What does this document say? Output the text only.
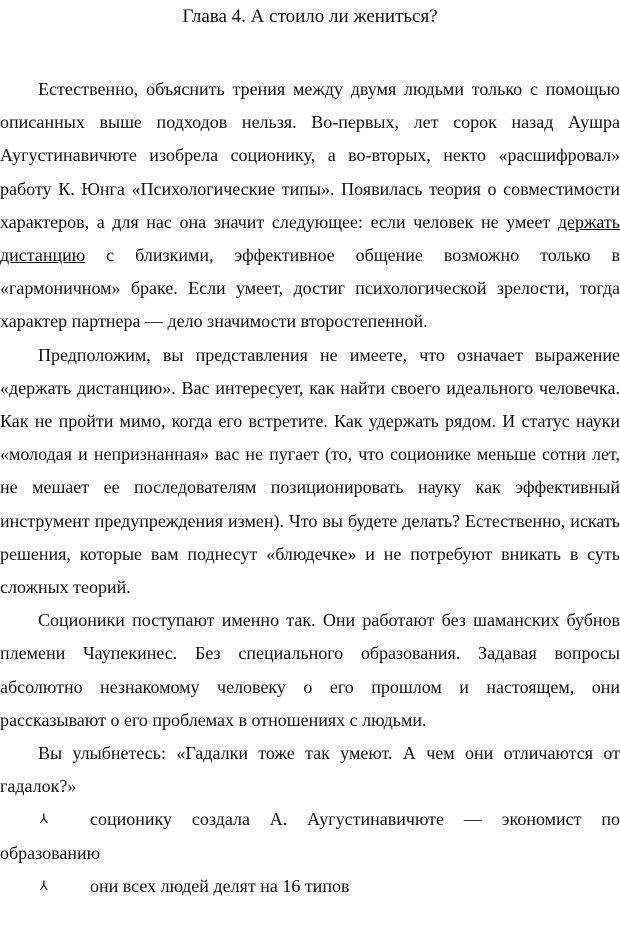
Глава 4. А стоило ли жениться?

Естественно, объяснить трения между двумя людьми только с помощью описанных выше подходов нельзя. Во-первых, лет сорок назад Аушра Аугустинавичюте изобрела соционику, а во-вторых, некто «расшифровал» работу К. Юнга «Психологические типы». Появилась теория о совместимости характеров, а для нас она значит следующее: если человек не умеет держать дистанцию с близкими, эффективное общение возможно только в «гармоничном» браке. Если умеет, достиг психологической зрелости, тогда характер партнера — дело значимости второстепенной.

Предположим, вы представления не имеете, что означает выражение «держать дистанцию». Вас интересует, как найти своего идеального человечка. Как не пройти мимо, когда его встретите. Как удержать рядом. И статус науки «молодая и непризнанная» вас не пугает (то, что соционике меньше сотни лет, не мешает ее последователям позиционировать науку как эффективный инструмент предупреждения измен). Что вы будете делать? Естественно, искать решения, которые вам поднесут «блюдечке» и не потребуют вникать в суть сложных теорий.

Соционики поступают именно так. Они работают без шаманских бубнов племени Чаупекинес. Без специального образования. Задавая вопросы абсолютно незнакомому человеку о его прошлом и настоящем, они рассказывают о его проблемах в отношениях с людьми.

Вы улыбнетесь: «Гадалки тоже так умеют. А чем они отличаются от гадалок?»

⅄ соционику создала А. Аугустинавичюте — экономист по образованию

⅄ они всех людей делят на 16 типов
